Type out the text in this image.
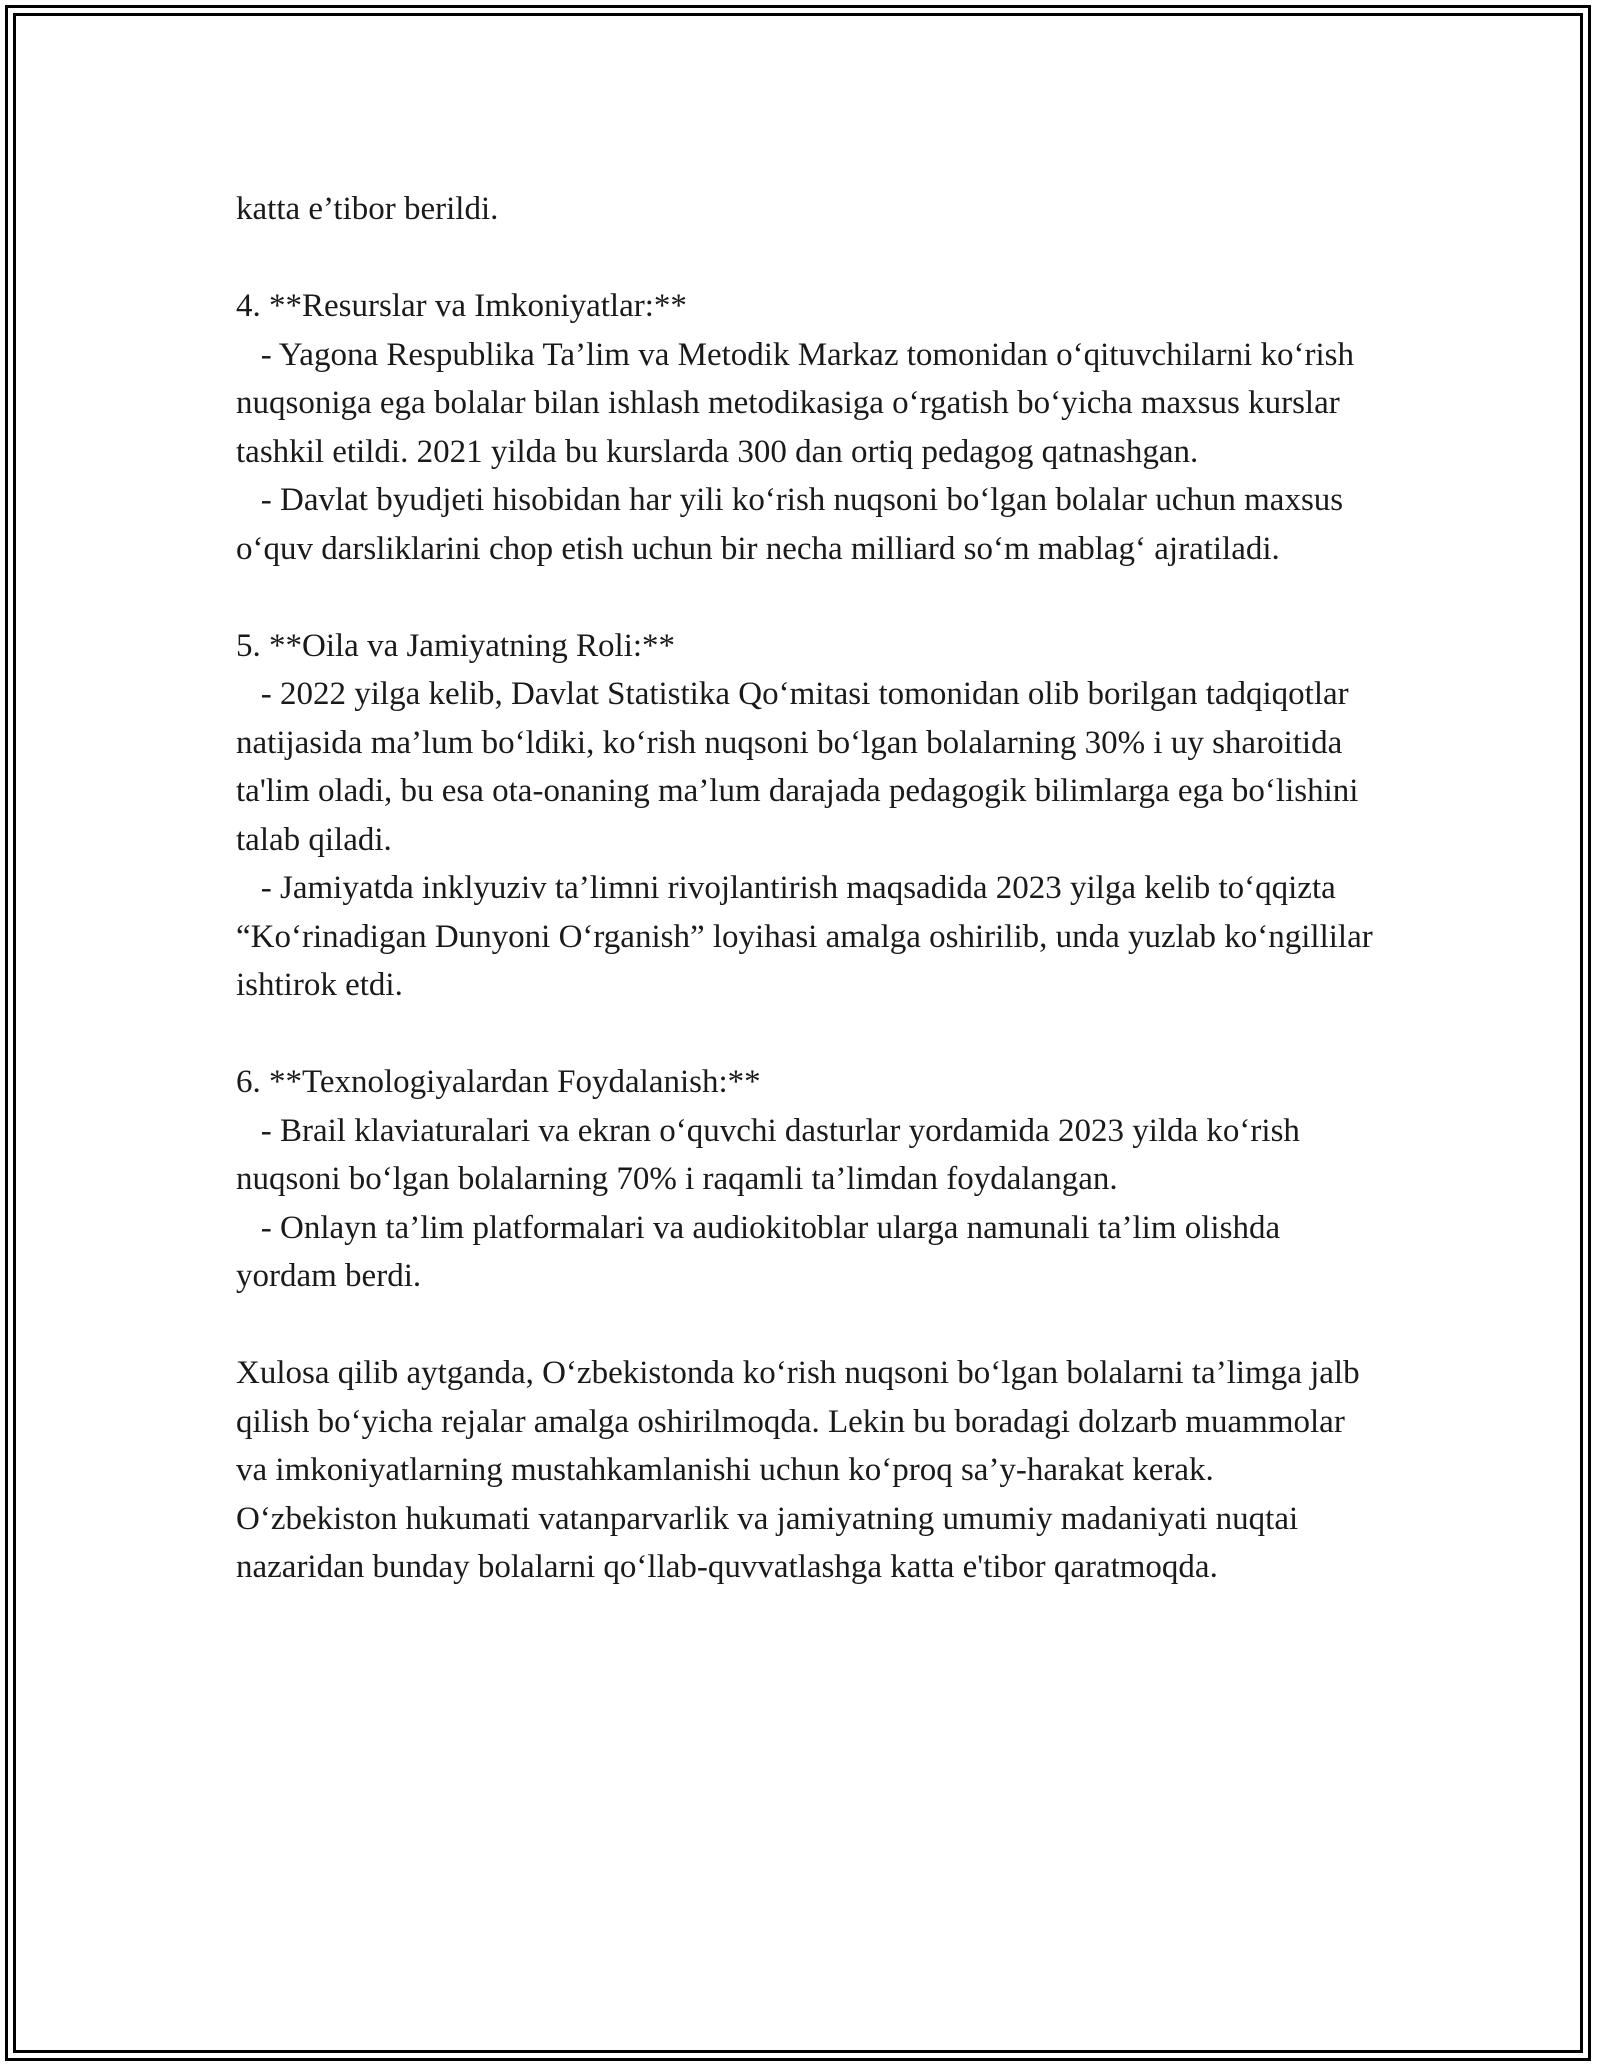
katta e’tibor berildi.

4. **Resurslar va Imkoniyatlar:**

- Yagona Respublika Ta’lim va Metodik Markaz tomonidan o‘qituvchilarni ko‘rish nuqsoniga ega bolalar bilan ishlash metodikasiga o‘rgatish bo‘yicha maxsus kurslar tashkil etildi. 2021 yilda bu kurslarda 300 dan ortiq pedagog qatnashgan.

- Davlat byudjeti hisobidan har yili ko‘rish nuqsoni bo‘lgan bolalar uchun maxsus o‘quv darsliklarini chop etish uchun bir necha milliard so‘m mablag‘ ajratiladi.

5. **Oila va Jamiyatning Roli:**

- 2022 yilga kelib, Davlat Statistika Qo‘mitasi tomonidan olib borilgan tadqiqotlar natijasida ma’lum bo‘ldiki, ko‘rish nuqsoni bo‘lgan bolalarning 30% i uy sharoitida ta'lim oladi, bu esa ota-onaning ma’lum darajada pedagogik bilimlarga ega bo‘lishini talab qiladi.

- Jamiyatda inklyuziv ta’limni rivojlantirish maqsadida 2023 yilga kelib to‘qqizta “Ko‘rinadigan Dunyoni O‘rganish” loyihasi amalga oshirilib, unda yuzlab ko‘ngillilar ishtirok etdi.

6. **Texnologiyalardan Foydalanish:**

- Brail klaviaturalari va ekran o‘quvchi dasturlar yordamida 2023 yilda ko‘rish nuqsoni bo‘lgan bolalarning 70% i raqamli ta’limdan foydalangan.

- Onlayn ta’lim platformalari va audiokitoblar ularga namunali ta’lim olishda yordam berdi.

Xulosa qilib aytganda, O‘zbekistonda ko‘rish nuqsoni bo‘lgan bolalarni ta’limga jalb qilish bo‘yicha rejalar amalga oshirilmoqda. Lekin bu boradagi dolzarb muammolar va imkoniyatlarning mustahkamlanishi uchun ko‘proq sa’y-harakat kerak. O‘zbekiston hukumati vatanparvarlik va jamiyatning umumiy madaniyati nuqtai nazaridan bunday bolalarni qo‘llab-quvvatlashga katta e'tibor qaratmoqda.
